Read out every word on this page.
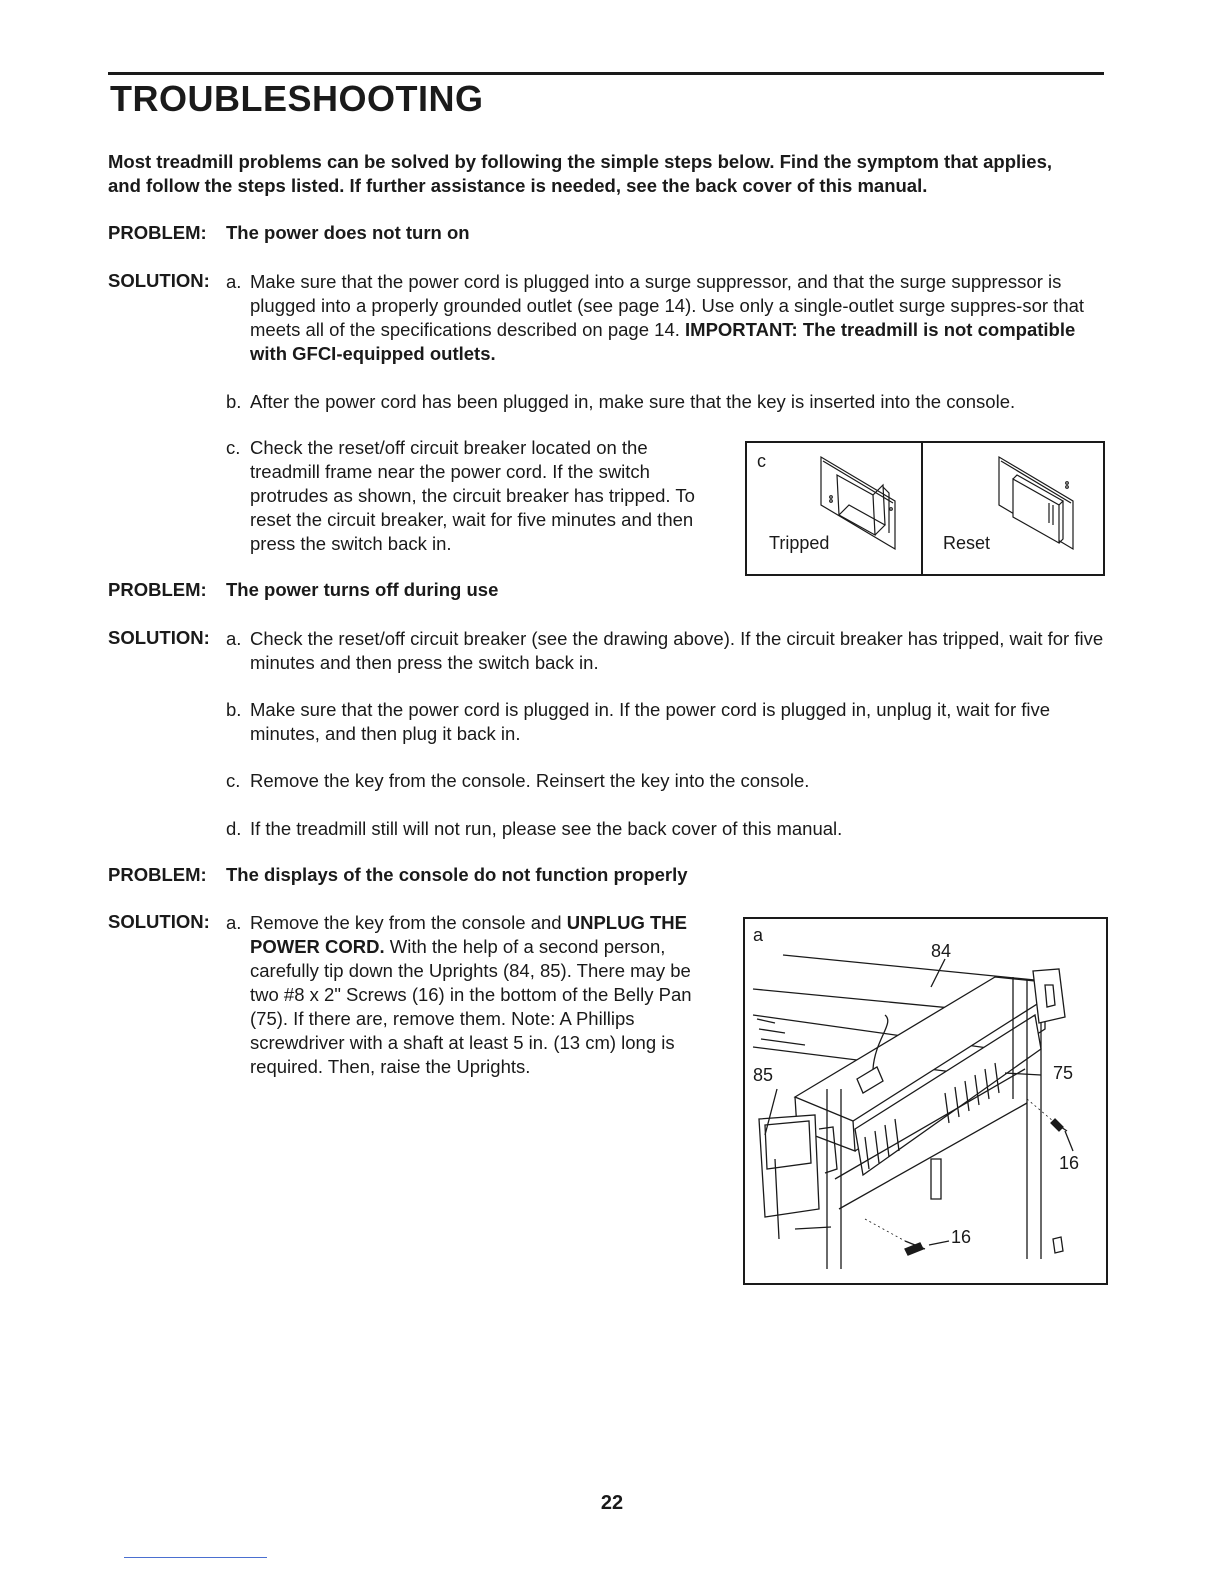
TROUBLESHOOTING

Most treadmill problems can be solved by following the simple steps below. Find the symptom that applies, and follow the steps listed. If further assistance is needed, see the back cover of this manual.

PROBLEM: The power does not turn on

SOLUTION: a. Make sure that the power cord is plugged into a surge suppressor, and that the surge suppressor is plugged into a properly grounded outlet (see page 14). Use only a single-outlet surge suppres-sor that meets all of the specifications described on page 14. IMPORTANT: The treadmill is not compatible with GFCI-equipped outlets.
b. After the power cord has been plugged in, make sure that the key is inserted into the console.
c. Check the reset/off circuit breaker located on the treadmill frame near the power cord. If the switch protrudes as shown, the circuit breaker has tripped. To reset the circuit breaker, wait for five minutes and then press the switch back in.
c
Tripped	Reset

PROBLEM: The power turns off during use

SOLUTION: a. Check the reset/off circuit breaker (see the drawing above). If the circuit breaker has tripped, wait for five minutes and then press the switch back in.
b. Make sure that the power cord is plugged in. If the power cord is plugged in, unplug it, wait for five minutes, and then plug it back in.
c. Remove the key from the console. Reinsert the key into the console.
d. If the treadmill still will not run, please see the back cover of this manual.

PROBLEM: The displays of the console do not function properly

SOLUTION: a. Remove the key from the console and UNPLUG THE POWER CORD. With the help of a second person, carefully tip down the Uprights (84, 85). There may be two #8 x 2" Screws (16) in the bottom of the Belly Pan (75). If there are, remove them. Note: A Phillips screwdriver with a shaft at least 5 in. (13 cm) long is required. Then, raise the Uprights.
a
84
85	75
16
16
22
